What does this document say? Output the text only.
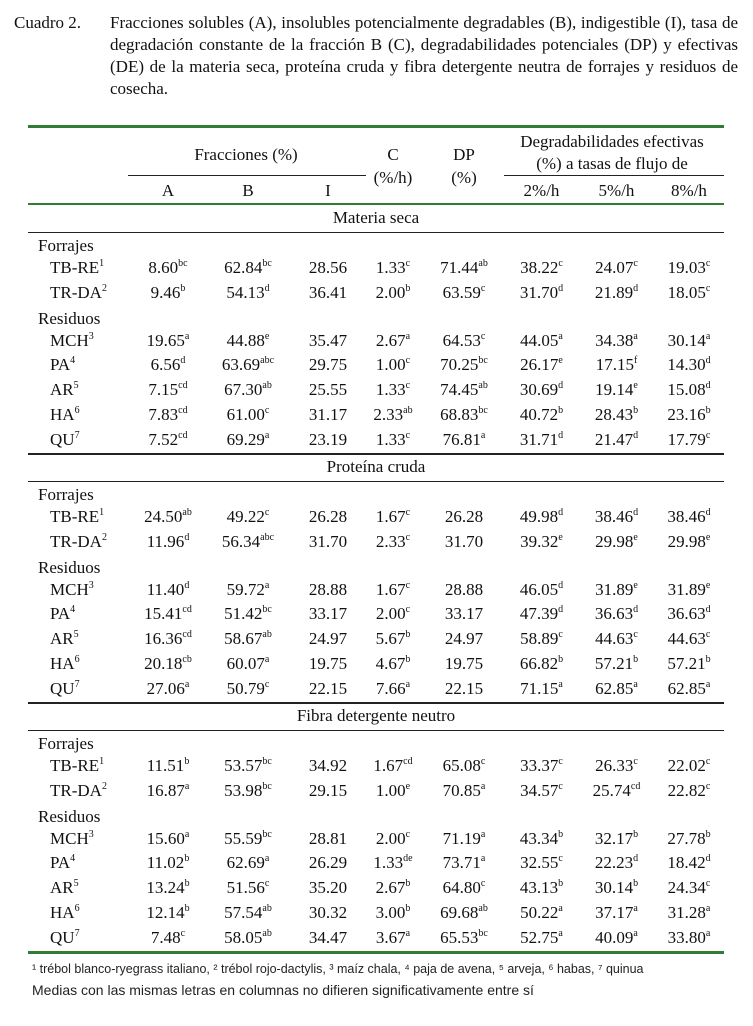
Cuadro 2. Fracciones solubles (A), insolubles potencialmente degradables (B), indigestible (I), tasa de degradación constante de la fracción B (C), degradabilidades potenciales (DP) y efectivas (DE) de la materia seca, proteína cruda y fibra detergente neutra de forrajes y residuos de cosecha.
Fracciones (%)
A	B	I
C
(%/h)
DP
(%)
Degradabilidades efectivas
(%) a tasas de flujo de
2%/h	5%/h	8%/h
Materia seca
Forrajes
$TB-RE^1$	8.60$^{bc}$	62.84$^{bc}$	28.56	1.33$^c$	71.44$^{ab}$	38.22$^c$	24.07$^c$	19.03$^c$
$TR-DA^2$	9.46$^b$	54.13$^d$	36.41	2.00$^b$	63.59$^c$	31.70$^d$	21.89$^d$	18.05$^c$
Residuos
MCH$^3$	19.65$^a$	44.88e	35.47	2.67$^a$	64.53$^c$	44.05$^a$	34.38$^a$	30.14$^a$
$PA^4$	6.56$^d$	63.69$^{abc}$	29.75	1.00$^c$	70.25$^{bc}$	26.17e	17.15$^f$	14.30$^d$
$AR^5$	7.15$^{cd}$	67.30$^{ab}$	25.55	1.33$^c$	74.45$^{ab}$	30.69$^d$	19.14e	15.08$^d$
$HA^6$	7.83$^{cd}$	61.00$^c$	31.17	2.33$^{ab}$	68.83$^{bc}$	40.72$^b$	28.43$^b$	23.16$^b$
$QU^7$	7.52$^{cd}$	69.29$^a$	23.19	1.33$^c$	76.81$^a$	31.71$^d$	21.47$^d$	17.79$^c$
Proteína cruda
Forrajes
$TB-RE^1$	24.50$^{ab}$	49.22$^c$	26.28	1.67$^c$	26.28	49.98$^d$	38.46$^d$	38.46$^d$
$TR-DA^2$	11.96$^d$	56.34$^{abc}$	31.70	2.33$^c$	31.70	39.32e	29.98e	29.98e
Residuos
MCH$^3$	11.40$^d$	59.72$^a$	28.88	1.67$^c$	28.88	46.05$^d$	31.89e	31.89e
$PA^4$	15.41$^{cd}$	51.42$^{bc}$	33.17	2.00$^c$	33.17	47.39$^d$	36.63$^d$	36.63$^d$
$AR^5$	16.36$^{cd}$	58.67$^{ab}$	24.97	5.67$^b$	24.97	58.89$^c$	44.63$^c$	44.63$^c$
$HA^6$	20.18$^{cb}$	60.07$^a$	19.75	4.67$^b$	19.75	66.82$^b$	57.21$^b$	57.21$^b$
$QU^7$	27.06$^a$	50.79$^c$	22.15	7.66$^a$	22.15	71.15$^a$	62.85$^a$	62.85$^a$
Fibra detergente neutro
Forrajes
$TB-RE^1$	11.51$^b$	53.57$^{bc}$	34.92	1.67$^{cd}$	65.08$^c$	33.37$^c$	26.33$^c$	22.02$^c$
$TR-DA^2$	16.87$^a$	53.98$^{bc}$	29.15	1.00e	70.85$^a$	34.57$^c$	25.74$^{cd}$	22.82$^c$
Residuos
MCH$^3$	15.60$^a$	55.59$^{bc}$	28.81	2.00$^c$	71.19$^a$	43.34$^b$	32.17$^b$	27.78$^b$
$PA^4$	11.02$^b$	62.69$^a$	26.29	1.33de	73.71$^a$	32.55$^c$	22.23$^d$	18.42$^d$
$AR^5$	13.24$^b$	51.56$^c$	35.20	2.67$^b$	64.80$^c$	43.13$^b$	30.14$^b$	24.34$^c$
$HA^6$	12.14$^b$	57.54$^{ab}$	30.32	3.00$^b$	69.68$^{ab}$	50.22$^a$	37.17$^a$	31.28$^a$
$QU^7$	7.48$^c$	58.05$^{ab}$	34.47	3.67$^a$	65.53$^{bc}$	52.75$^a$	40.09$^a$	33.80$^a$
¹ trébol blanco-ryegrass italiano, ² trébol rojo-dactylis, ³ maíz chala, ⁴ paja de avena, ⁵ arveja, ⁶ habas, ⁷ quinua
Medias con las mismas letras en columnas no difieren significativamente entre sí
